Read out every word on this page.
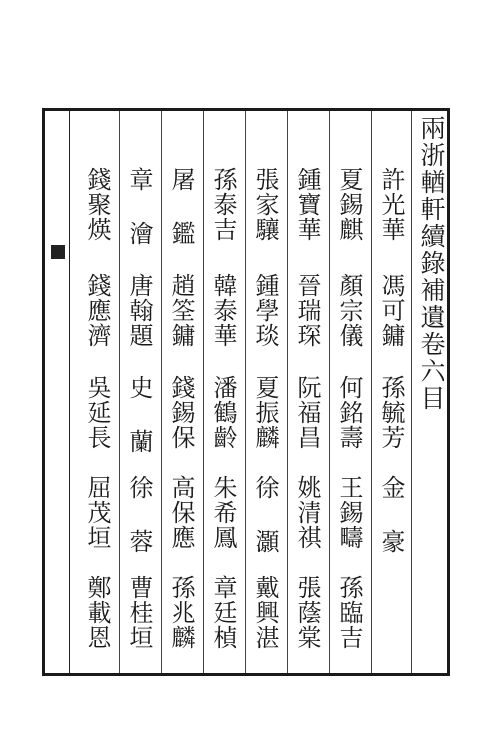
兩浙輶軒續錄補遺卷六目
許光華
馮可鏞
孫毓芳
金 豪
夏錫麒
顏宗儀
何銘壽
王錫疇
孫臨吉
鍾寶華
晉瑞琛
阮福昌
姚清祺
張蔭棠
張家驤
鍾學琰
夏振麟
徐 灝
戴興湛
孫泰吉
韓泰華
潘鶴齡
朱希鳳
章廷楨
屠 鑑
趙筌鏞
錢錫保
高保應
孫兆麟
章 澮
唐翰題
史 蘭
徐 蓉
曹桂垣
錢聚煐
錢應濟
吳延長
屈茂垣
鄭載恩
